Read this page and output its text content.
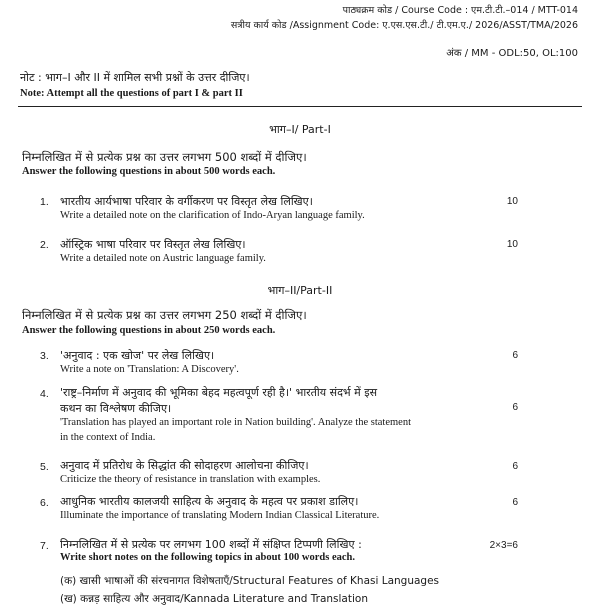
पाठ्यक्रम कोड / Course Code : एम.टी.टी.–014 / MTT-014
सत्रीय कार्य कोड /Assignment Code: ए.एस.एस.टी./ टी.एम.ए./ 2026/ASST/TMA/2026
अंक / MM - ODL:50, OL:100
नोट : भाग–I और II में शामिल सभी प्रश्नों के उत्तर दीजिए।
Note: Attempt all the questions of part I & part II
भाग–I/ Part-I
निम्नलिखित में से प्रत्येक प्रश्न का उत्तर लगभग 500 शब्दों में दीजिए।
Answer the following questions in about 500 words each.
1. भारतीय आर्यभाषा परिवार के वर्गीकरण पर विस्तृत लेख लिखिए।
Write a detailed note on the clarification of Indo-Aryan language family.
10
2. ऑस्ट्रिक भाषा परिवार पर विस्तृत लेख लिखिए।
Write a detailed note on Austric language family.
10
भाग–II/Part-II
निम्नलिखित में से प्रत्येक प्रश्न का उत्तर लगभग 250 शब्दों में दीजिए।
Answer the following questions in about 250 words each.
3. 'अनुवाद : एक खोज' पर लेख लिखिए।
Write a note on 'Translation: A Discovery'.
6
4. 'राष्ट्र–निर्माण में अनुवाद की भूमिका बेहद महत्वपूर्ण रही है।' भारतीय संदर्भ में इस
कथन का विश्लेषण कीजिए।
'Translation has played an important role in Nation building'. Analyze the statement
in the context of India.
6
5. अनुवाद में प्रतिरोध के सिद्धांत की सोदाहरण आलोचना कीजिए।
Criticize the theory of resistance in translation with examples.
6
6. आधुनिक भारतीय कालजयी साहित्य के अनुवाद के महत्व पर प्रकाश डालिए।
Illuminate the importance of translating Modern Indian Classical Literature.
6
7. निम्नलिखित में से प्रत्येक पर लगभग 100 शब्दों में संक्षिप्त टिप्पणी लिखिए :
Write short notes on the following topics in about 100 words each.
2×3=6
(क) खासी भाषाओं की संरचनागत विशेषताएँ/Structural Features of Khasi Languages
(ख) कन्नड़ साहित्य और अनुवाद/Kannada Literature and Translation
